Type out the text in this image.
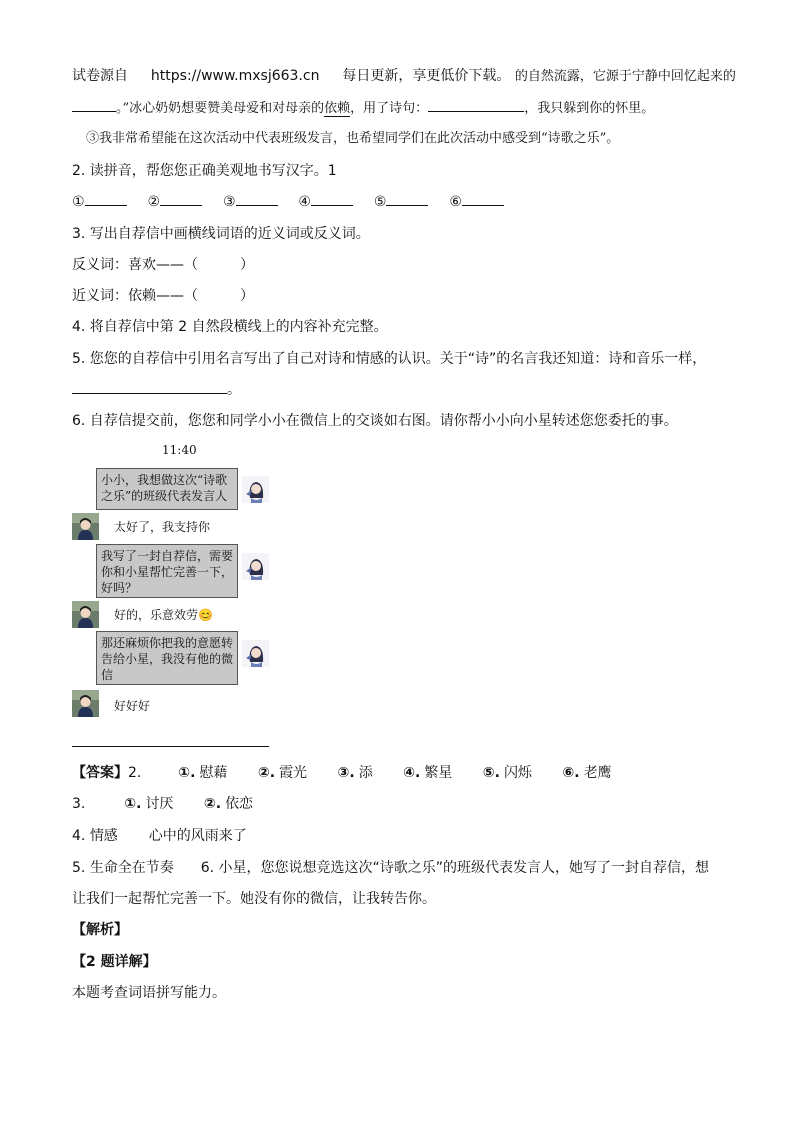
试卷源自 https://www.mxsj663.cn 每日更新，享更低价下载。 的自然流露，它源于宁静中回忆起来的
。”冰心奶奶想要赞美母爱和对母亲的依赖，用了诗句：	，我只躲到你的怀里。
③我非常希望能在这次活动中代表班级发言，也希望同学们在此次活动中感受到“诗歌之乐”。
2. 读拼音，帮您您正确美观地书写汉字。1
①	②	③	④	⑤	⑥
3. 写出自荐信中画横线词语的近义词或反义词。
反义词：喜欢——（　　　）
近义词：依赖——（　　　）
4. 将自荐信中第 2 自然段横线上的内容补充完整。
5. 您您的自荐信中引用名言写出了自己对诗和情感的认识。关于“诗”的名言我还知道：诗和音乐一样，
。
6. 自荐信提交前，您您和同学小小在微信上的交谈如右图。请你帮小小向小星转述您您委托的事。
11:40
小小，我想做这次“诗歌之乐”的班级代表发言人
太好了，我支持你
我写了一封自荐信，需要你和小星帮忙完善一下，好吗？
好的，乐意效劳😊
那还麻烦你把我的意愿转告给小星，我没有他的微信
好好好
【答案】2.	①. 慰藉 ②. 霞光 ③. 添 ④. 繁星 ⑤. 闪烁 ⑥. 老鹰
3.	①. 讨厌 ②. 依恋
4. 情感 心中的风雨来了
5. 生命全在节奏 6. 小星，您您说想竞选这次“诗歌之乐”的班级代表发言人，她写了一封自荐信，想
让我们一起帮忙完善一下。她没有你的微信，让我转告你。
【解析】
【2 题详解】
本题考查词语拼写能力。
